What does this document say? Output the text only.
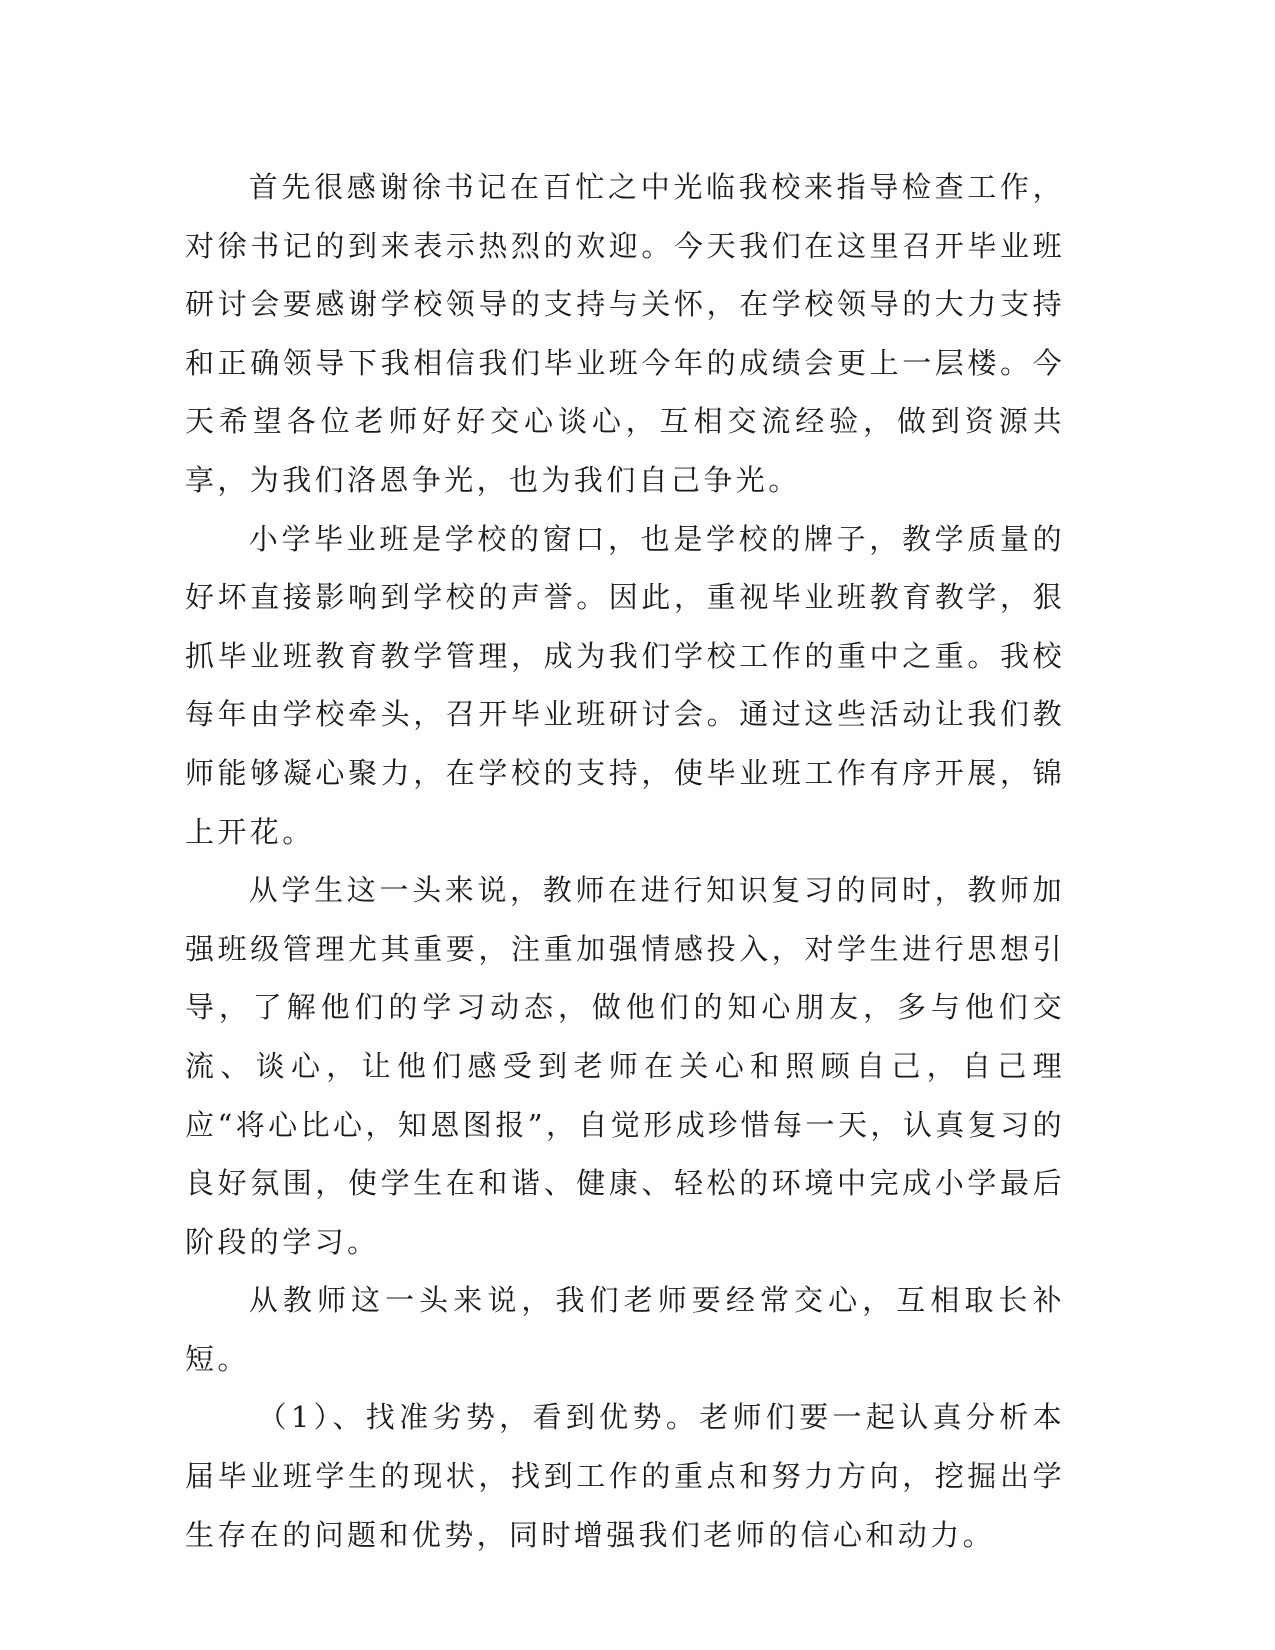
首先很感谢徐书记在百忙之中光临我校来指导检查工作，对徐书记的到来表示热烈的欢迎。今天我们在这里召开毕业班研讨会要感谢学校领导的支持与关怀，在学校领导的大力支持和正确领导下我相信我们毕业班今年的成绩会更上一层楼。今天希望各位老师好好交心谈心，互相交流经验，做到资源共享，为我们洛恩争光，也为我们自己争光。

小学毕业班是学校的窗口，也是学校的牌子，教学质量的好坏直接影响到学校的声誉。因此，重视毕业班教育教学，狠抓毕业班教育教学管理，成为我们学校工作的重中之重。我校每年由学校牵头，召开毕业班研讨会。通过这些活动让我们教师能够凝心聚力，在学校的支持，使毕业班工作有序开展，锦上开花。

从学生这一头来说，教师在进行知识复习的同时，教师加强班级管理尤其重要，注重加强情感投入，对学生进行思想引导，了解他们的学习动态，做他们的知心朋友，多与他们交流、谈心，让他们感受到老师在关心和照顾自己，自己理应“将心比心，知恩图报”，自觉形成珍惜每一天，认真复习的良好氛围，使学生在和谐、健康、轻松的环境中完成小学最后阶段的学习。

从教师这一头来说，我们老师要经常交心，互相取长补短。

（1）、找准劣势，看到优势。老师们要一起认真分析本届毕业班学生的现状，找到工作的重点和努力方向，挖掘出学生存在的问题和优势，同时增强我们老师的信心和动力。
